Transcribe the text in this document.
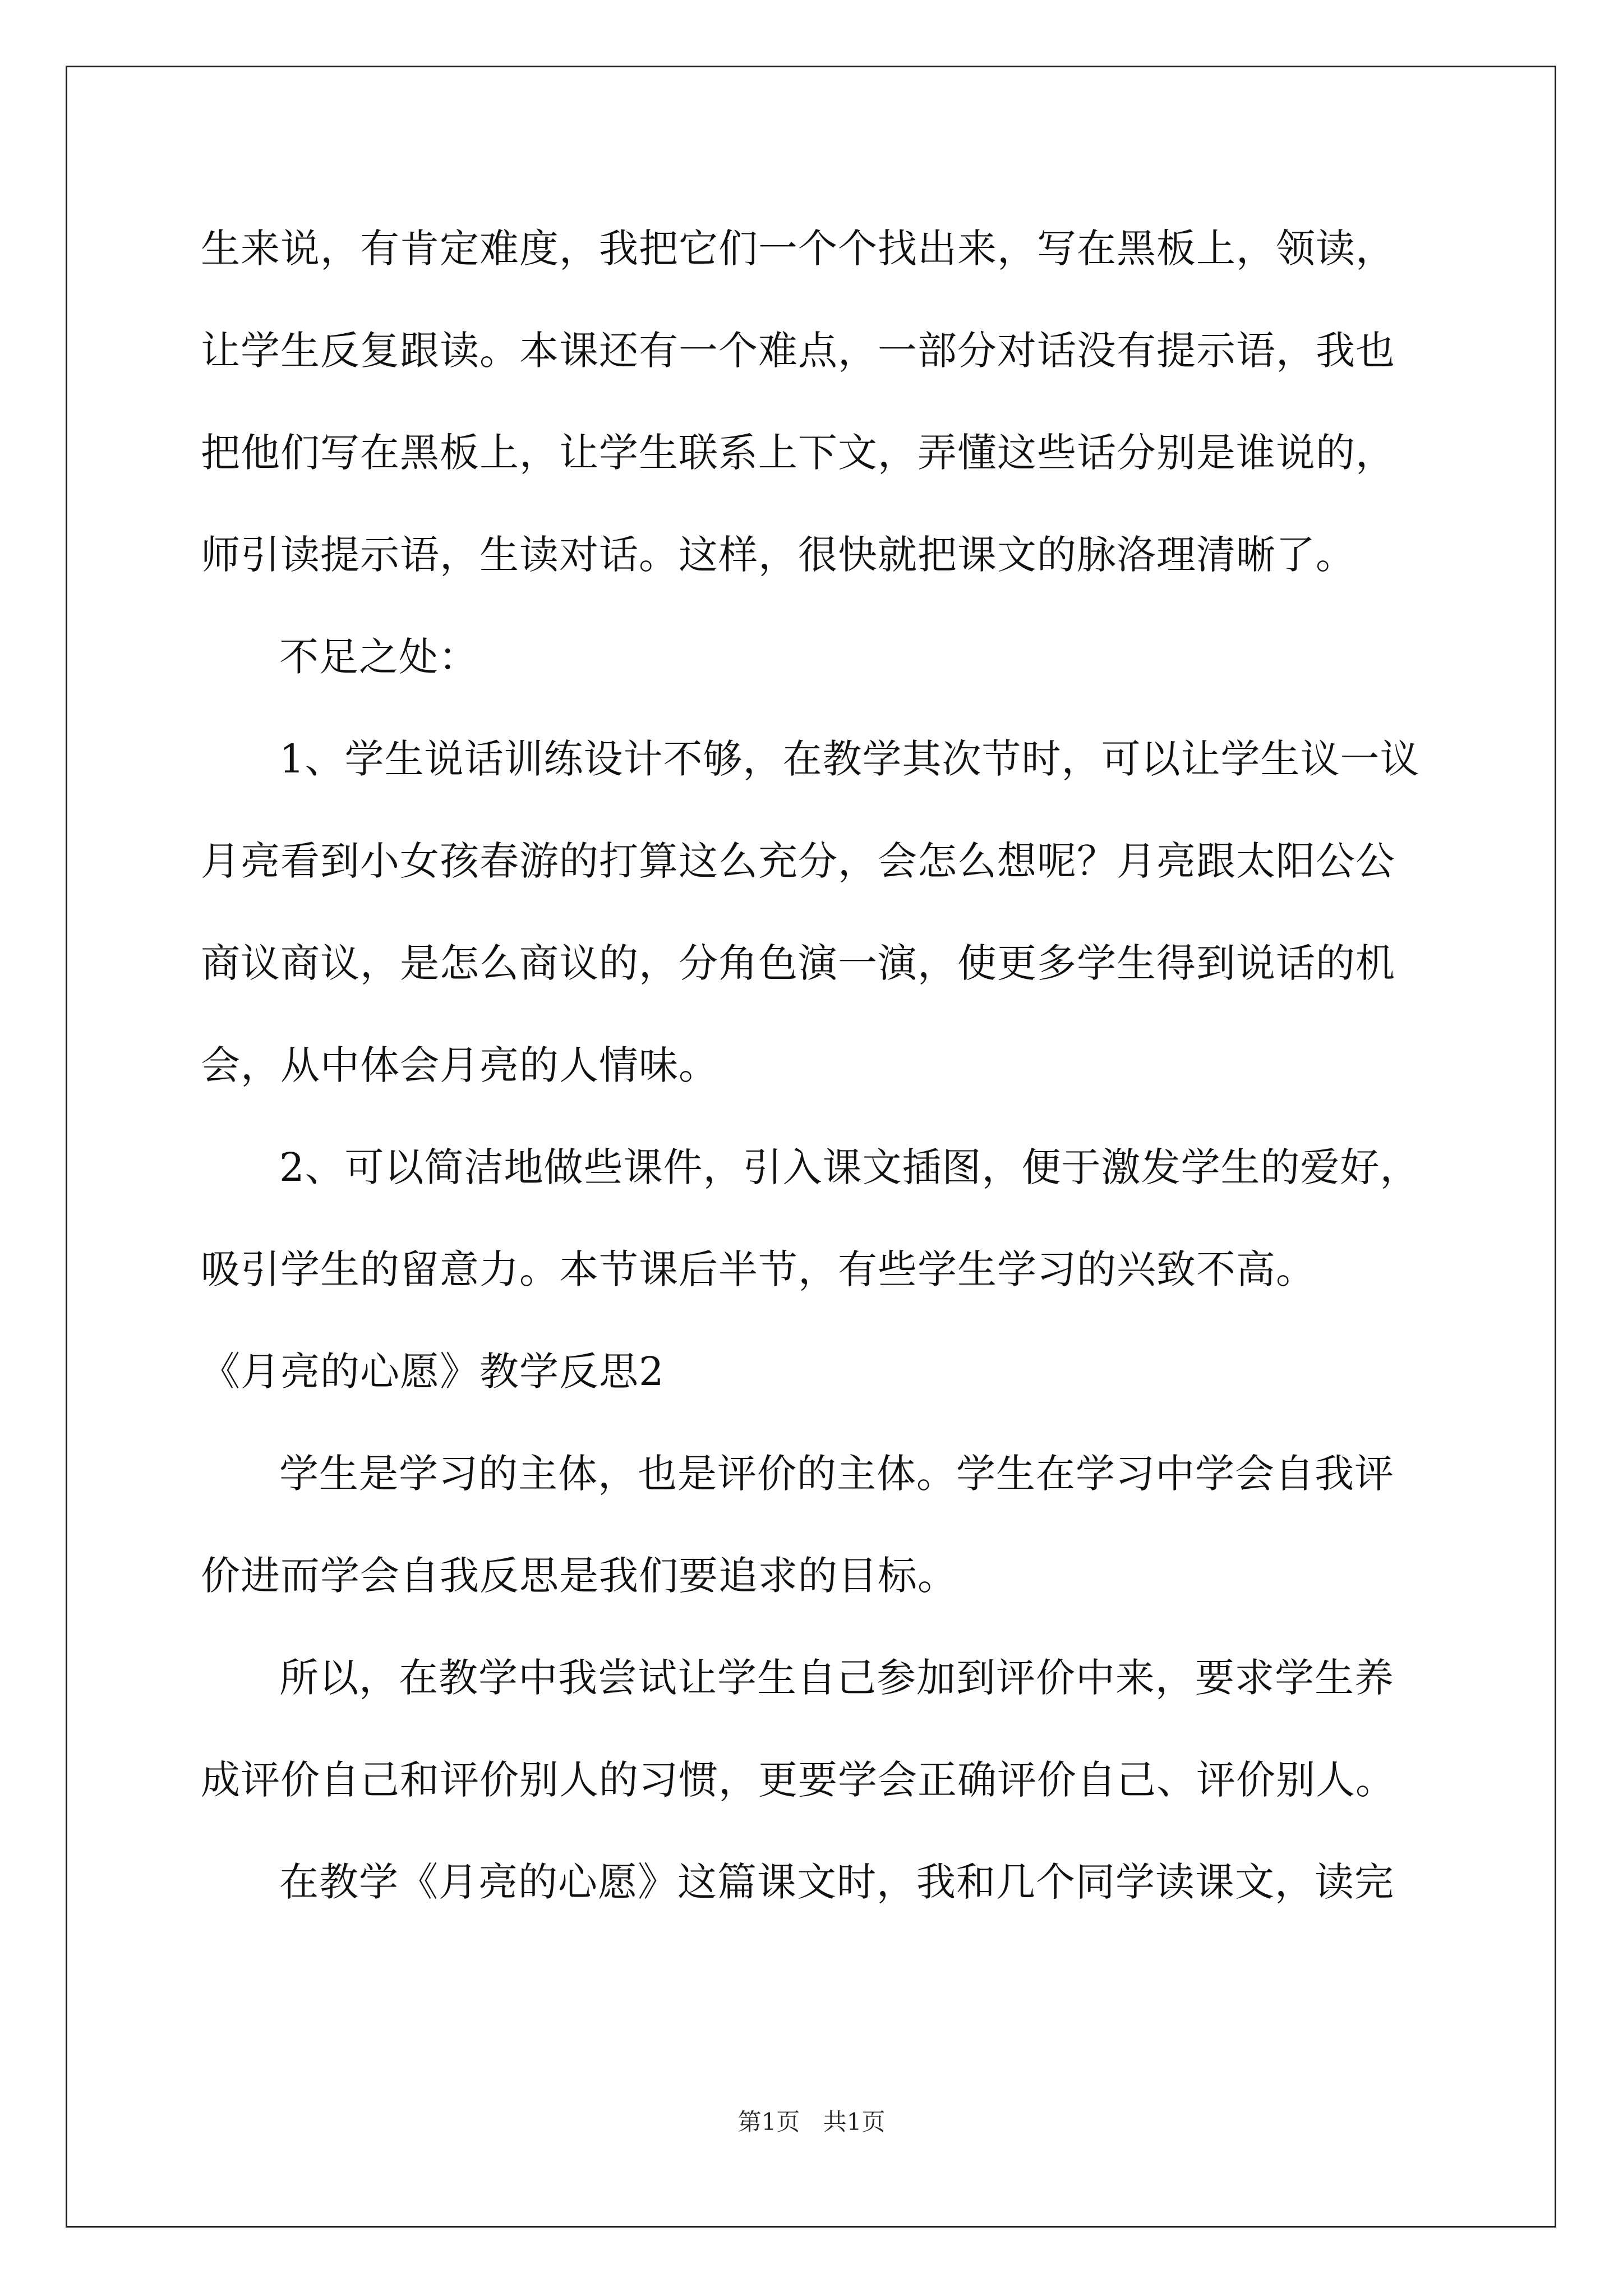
生来说，有肯定难度，我把它们一个个找出来，写在黑板上，领读，
让学生反复跟读。本课还有一个难点，一部分对话没有提示语，我也
把他们写在黑板上，让学生联系上下文，弄懂这些话分别是谁说的，
师引读提示语，生读对话。这样，很快就把课文的脉洛理清晰了。
不足之处：
1、学生说话训练设计不够，在教学其次节时，可以让学生议一议
月亮看到小女孩春游的打算这么充分，会怎么想呢？月亮跟太阳公公
商议商议，是怎么商议的，分角色演一演，使更多学生得到说话的机
会，从中体会月亮的人情味。
2、可以简洁地做些课件，引入课文插图，便于激发学生的爱好，
吸引学生的留意力。本节课后半节，有些学生学习的兴致不高。
《月亮的心愿》教学反思2
学生是学习的主体，也是评价的主体。学生在学习中学会自我评
价进而学会自我反思是我们要追求的目标。
所以，在教学中我尝试让学生自己参加到评价中来，要求学生养
成评价自己和评价别人的习惯，更要学会正确评价自己、评价别人。
在教学《月亮的心愿》这篇课文时，我和几个同学读课文，读完
第1页 共1页
